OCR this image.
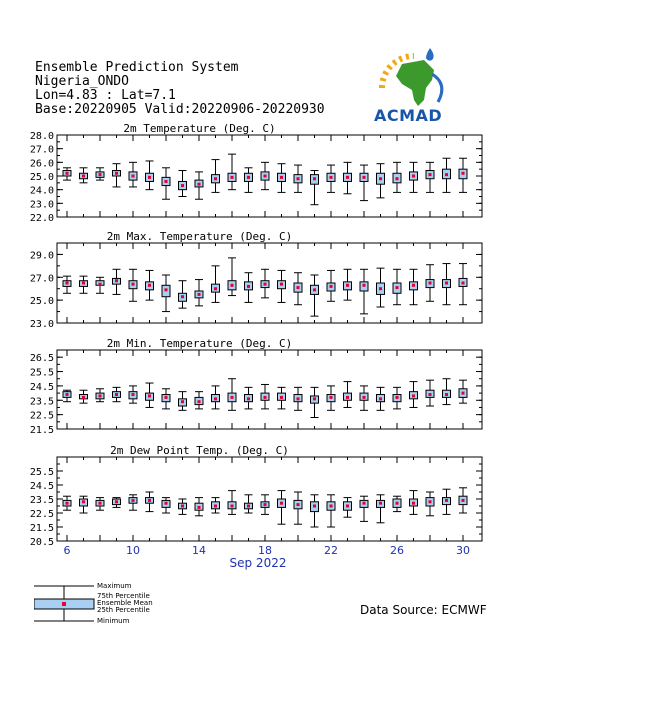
Ensemble Prediction System
Nigeria_ONDO
Lon=4.83 : Lat=7.1
Base:20220905 Valid:20220906-20220930	ACMAD
2m Temperature (Deg. C)
28.0
27.0
26.0
25.0
24.0
23.0
22.0
2m Max. Temperature (Deg. C)
29.0
27.0
25.0
23.0
2m Min. Temperature (Deg. C)
26.5
25.5
24.5
23.5
22.5
21.5
2m Dew Point Temp. (Deg. C)
25.5
24.5
23.5
22.5
21.5
20.5
6	10	14	18	22	26	30
Sep 2022
Maximum
75th Percentile
Ensemble Mean
25th Percentile
Minimum
Data Source: ECMWF
